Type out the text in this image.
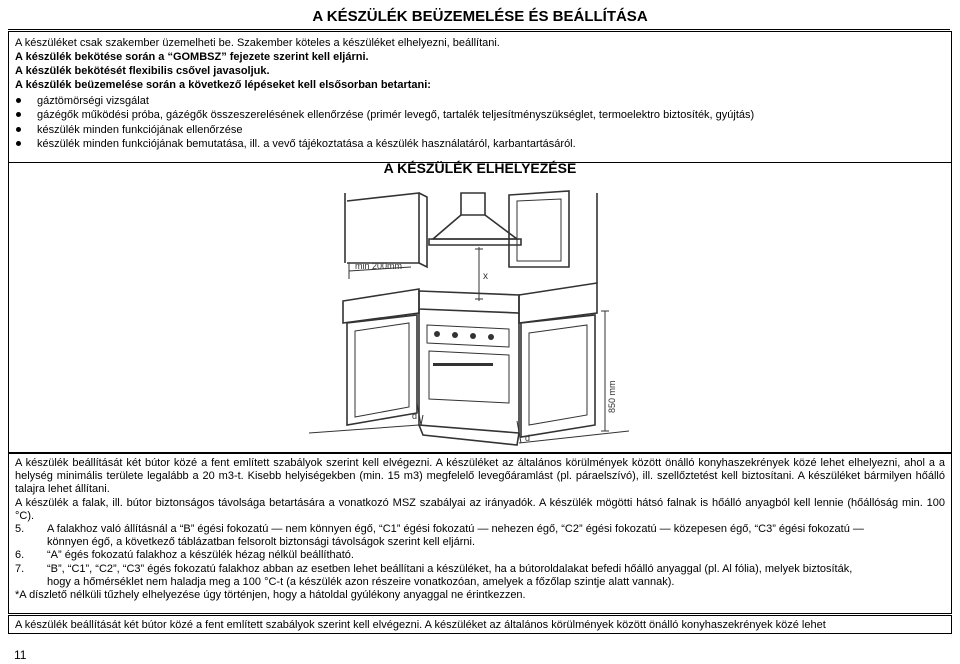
A KÉSZÜLÉK BEÜZEMELÉSE ÉS BEÁLLÍTÁSA

A készüléket csak szakember üzemelheti be. Szakember köteles a készüléket elhelyezni, beállítani.

A készülék bekötése során a “GOMBSZ” fejezete szerint kell eljárni.

A készülék bekötését flexibilis csővel javasoljuk.

A készülék beüzemelése során a következő lépéseket kell elsősorban betartani:

gáztömörségi vizsgálat
gázégők működési próba, gázégők összeszerelésének ellenőrzése (primér levegő, tartalék teljesítményszükséglet, termoelektro biztosíték, gyújtás)
készülék minden funkciójának ellenőrzése
készülék minden funkciójának bemutatása, ill. a vevő tájékoztatása a készülék használatáról, karbantartásáról.
A KÉSZÜLÉK ELHELYEZÉSE
min 200mm
x
d
d
850 mm

A készülék beállítását két bútor közé a fent említett szabályok szerint kell elvégezni. A készüléket az általános körülmények között önálló konyhaszekrények közé lehet elhelyezni, ahol a a helység minimális területe legalább a 20 m3-t. Kisebb helyiségekben (min. 15 m3) megfelelő levegőáramlást (pl. páraelszívó), ill. szellőztetést kell biztosítani. A készüléket bármilyen hőálló talajra lehet állítani.

A készülék a falak, ill. bútor biztonságos távolsága betartására a vonatkozó MSZ szabályai az irányadók. A készülék mögötti hátsó falnak is hőálló anyagból kell lennie (hőállóság min. 100 °C).

5. A falakhoz való állításnál a “B” égési fokozatú — nem könnyen égő, “C1” égési fokozatú — nehezen égő, “C2” égési fokozatú — közepesen égő, “C3” égési fokozatú —

könnyen égő, a következő táblázatban felsorolt biztonsági távolságok szerint kell eljárni.

6. “A” égés fokozatú falakhoz a készülék hézag nélkül beállítható.

7. “B”, “C1”, “C2”, “C3” égés fokozatú falakhoz abban az esetben lehet beállítani a készüléket, ha a bútoroldalakat befedi hőálló anyaggal (pl. Al fólia), melyek biztosíták,

hogy a hőmérséklet nem haladja meg a 100 °C-t (a készülék azon részeire vonatkozóan, amelyek a főzőlap szintje alatt vannak).

*A díszlető nélküli tűzhely elhelyezése úgy történjen, hogy a hátoldal gyúlékony anyaggal ne érintkezzen.

A készülék beállítását két bútor közé a fent említett szabályok szerint kell elvégezni. A készüléket az általános körülmények között önálló konyhaszekrények közé lehet
11
